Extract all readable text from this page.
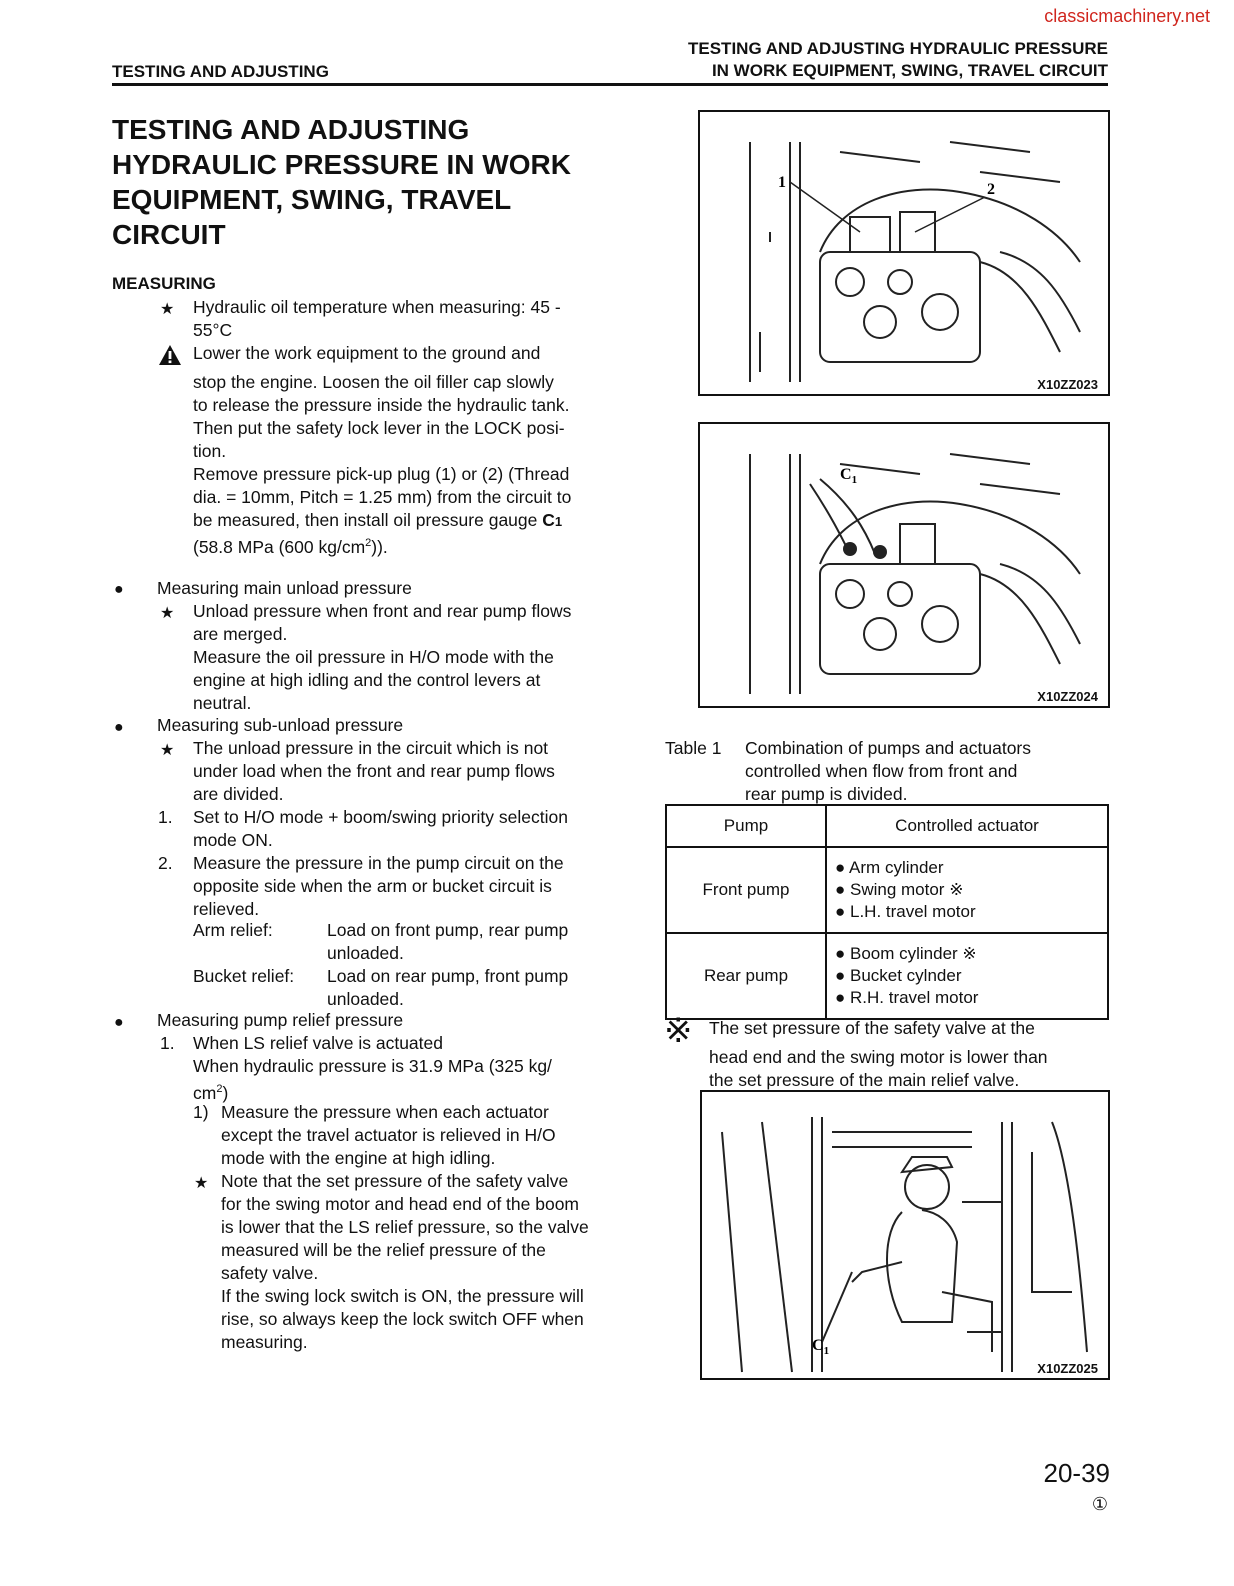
classicmachinery.net
TESTING AND ADJUSTING
TESTING AND ADJUSTING HYDRAULIC PRESSURE
IN WORK EQUIPMENT, SWING, TRAVEL CIRCUIT
TESTING AND ADJUSTING
HYDRAULIC PRESSURE IN WORK
EQUIPMENT, SWING, TRAVEL
CIRCUIT
MEASURING
★ Hydraulic oil temperature when measuring: 45 -
55°C
Lower the work equipment to the ground and
stop the engine. Loosen the oil filler cap slowly
to release the pressure inside the hydraulic tank.
Then put the safety lock lever in the LOCK posi-
tion.
Remove pressure pick-up plug (1) or (2) (Thread
dia. = 10mm, Pitch = 1.25 mm) from the circuit to
be measured, then install oil pressure gauge C1
(58.8 MPa (600 $kg/cm^2$)).
● Measuring main unload pressure
★ Unload pressure when front and rear pump flows
are merged.
Measure the oil pressure in H/O mode with the
engine at high idling and the control levers at
neutral.
● Measuring sub-unload pressure
★ The unload pressure in the circuit which is not
under load when the front and rear pump flows
are divided.
1. Set to H/O mode + boom/swing priority selection
mode ON.
2. Measure the pressure in the pump circuit on the
opposite side when the arm or bucket circuit is
relieved.
Arm relief:	Load on front pump, rear pump
unloaded.
Bucket relief: Load on rear pump, front pump
unloaded.
● Measuring pump relief pressure
1. When LS relief valve is actuated
When hydraulic pressure is 31.9 MPa (325 kg/
$cm^2$)
1) Measure the pressure when each actuator
except the travel actuator is relieved in H/O
mode with the engine at high idling.
★ Note that the set pressure of the safety valve
for the swing motor and head end of the boom
is lower that the LS relief pressure, so the valve
measured will be the relief pressure of the
safety valve.
If the swing lock switch is ON, the pressure will
rise, so always keep the lock switch OFF when
measuring.
1	2
X10ZZ023
$C_1$
X10ZZ024
Table 1 Combination of pumps and actuators
controlled when flow from front and
rear pump is divided.
Pump	Controlled actuator
Front pump	● Arm cylinder
● Swing motor ※
● L.H. travel motor

Rear pump	● Boom cylinder ※
● Bucket cylnder
● R.H. travel motor
※ The set pressure of the safety valve at the
head end and the swing motor is lower than
the set pressure of the main relief valve.
$C_1$
X10ZZ025
20-39
①
